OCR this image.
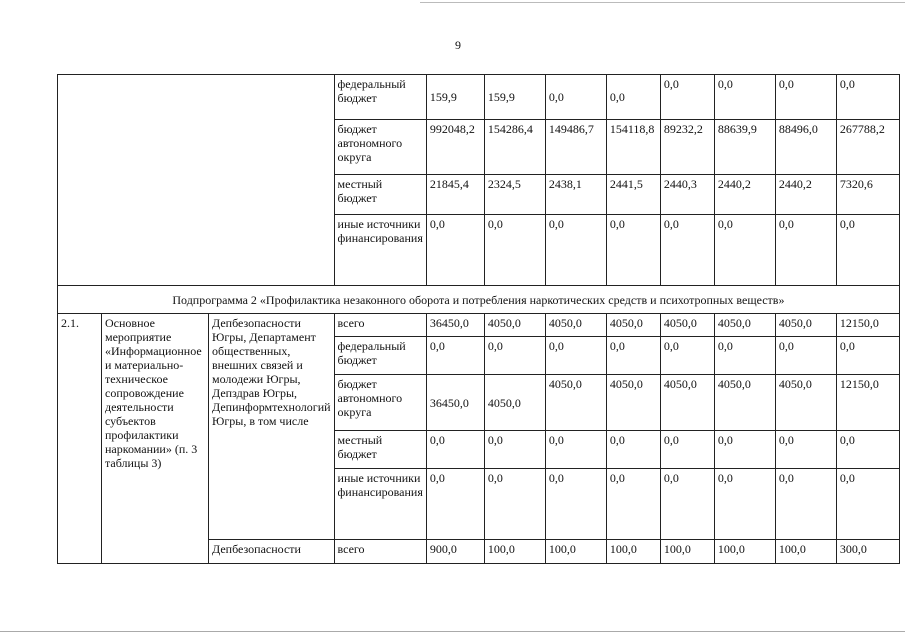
9
			федеральный бюджет	159,9	159,9	0,0	0,0	0,0	0,0	0,0	0,0
			бюджет автономного округа	992048,2	154286,4	149486,7	154118,8	89232,2	88639,9	88496,0	267788,2
			местный бюджет	21845,4	2324,5	2438,1	2441,5	2440,3	2440,2	2440,2	7320,6
			иные источники финансирования	0,0	0,0	0,0	0,0	0,0	0,0	0,0	0,0
Подпрограмма 2 «Профилактика незаконного оборота и потребления наркотических средств и психотропных веществ»											
2.1.	Основное мероприятие «Информационное и материально-техническое сопровождение деятельности субъектов профилактики наркомании» (п. 3 таблицы 3)	Депбезопасности Югры, Департамент общественных, внешних связей и молодежи Югры, Депздрав Югры, Депинформтехнологий Югры, в том числе	всего	36450,0	4050,0	4050,0	4050,0	4050,0	4050,0	4050,0	12150,0
			федеральный бюджет	0,0	0,0	0,0	0,0	0,0	0,0	0,0	0,0
			бюджет автономного округа	36450,0	4050,0	4050,0	4050,0	4050,0	4050,0	4050,0	12150,0
			местный бюджет	0,0	0,0	0,0	0,0	0,0	0,0	0,0	0,0
			иные источники финансирования	0,0	0,0	0,0	0,0	0,0	0,0	0,0	0,0
		Депбезопасности	всего	900,0	100,0	100,0	100,0	100,0	100,0	100,0	300,0
